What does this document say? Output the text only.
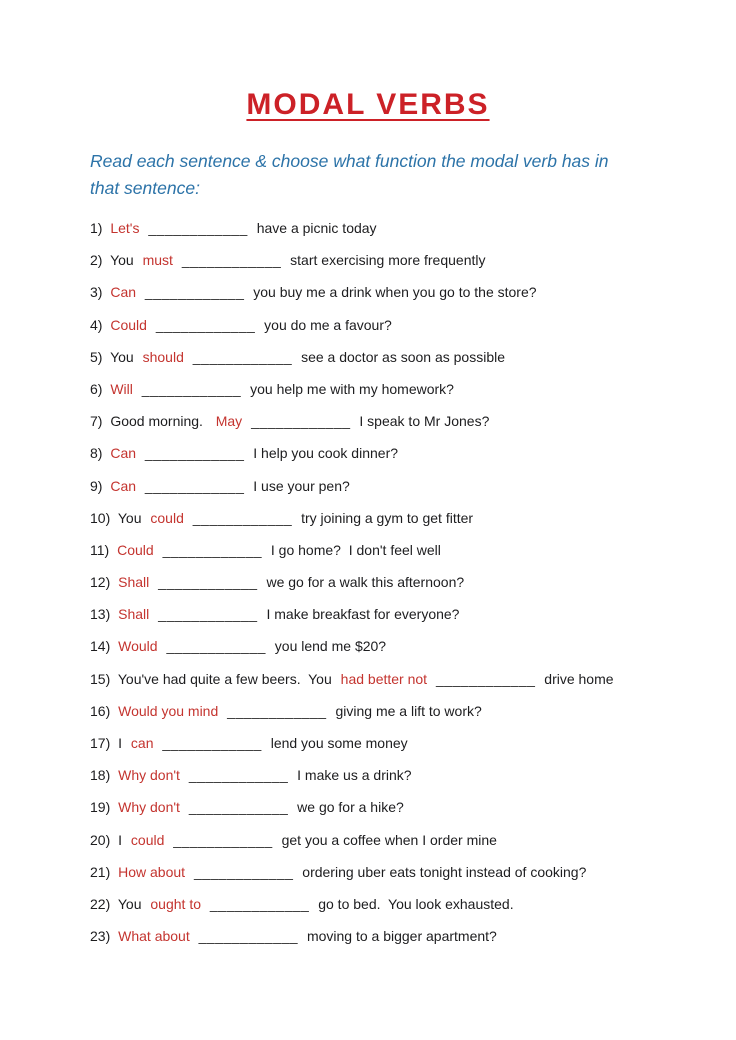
MODAL VERBS
Read each sentence & choose what function the modal verb has in
that sentence:
1) Let's ____________ have a picnic today
2) You must ____________ start exercising more frequently
3) Can ____________ you buy me a drink when you go to the store?
4) Could ____________ you do me a favour?
5) You should ____________ see a doctor as soon as possible
6) Will ____________ you help me with my homework?
7) Good morning.  May ____________ I speak to Mr Jones?
8) Can ____________ I help you cook dinner?
9) Can ____________ I use your pen?
10) You could ____________ try joining a gym to get fitter
11) Could ____________ I go home?  I don't feel well
12) Shall ____________ we go for a walk this afternoon?
13) Shall ____________ I make breakfast for everyone?
14) Would ____________ you lend me $20?
15) You've had quite a few beers.  You had better not ____________ drive home
16) Would you mind ____________ giving me a lift to work?
17) I can ____________ lend you some money
18) Why don't ____________ I make us a drink?
19) Why don't ____________ we go for a hike?
20) I could ____________ get you a coffee when I order mine
21) How about ____________ ordering uber eats tonight instead of cooking?
22) You ought to ____________ go to bed.  You look exhausted.
23) What about ____________ moving to a bigger apartment?
